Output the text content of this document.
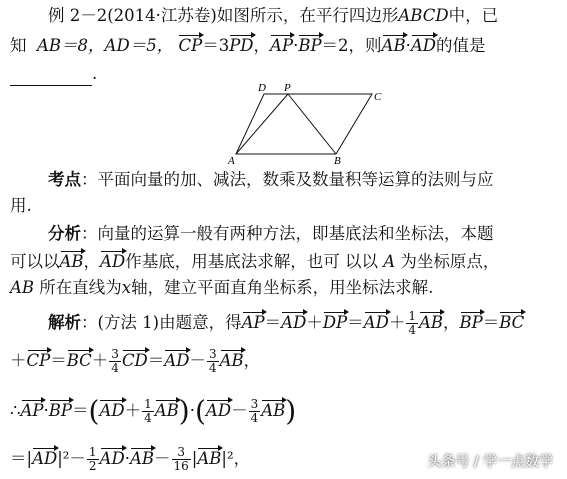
例 2－2(2014·江苏卷)如图所示，在平行四边形ABCD中，已
知 AB＝8，AD＝5， CP＝3PD，AP·BP＝2，则AB·AD的值是
.
D P
C
A	B
考点：平面向量的加、减法，数乘及数量积等运算的法则与应
用.
分析：向量的运算一般有两种方法，即基底法和坐标法，本题
可以以AB，AD作基底，用基底法求解，也可 以以 A 为坐标原点，
AB 所在直线为x轴，建立平面直角坐标系，用坐标法求解.
解析：(方法 1)由题意，得$AP=AD+DP=AD+ \frac{1}{4}$ AB，BP＝BC
$+CP=BC+ \frac{3}{4} CD=AD- \frac{3}{4}$ AB，
∴AP·BP＝(AD＋ $\frac{1}{4} AB)\cdot(AD- \frac{3}{4} AB)$
$=|AD|^2- \frac{1}{2} AD\cdot AB- \frac{3}{16} |AB|^2$，	头条号 / 学一点数学
